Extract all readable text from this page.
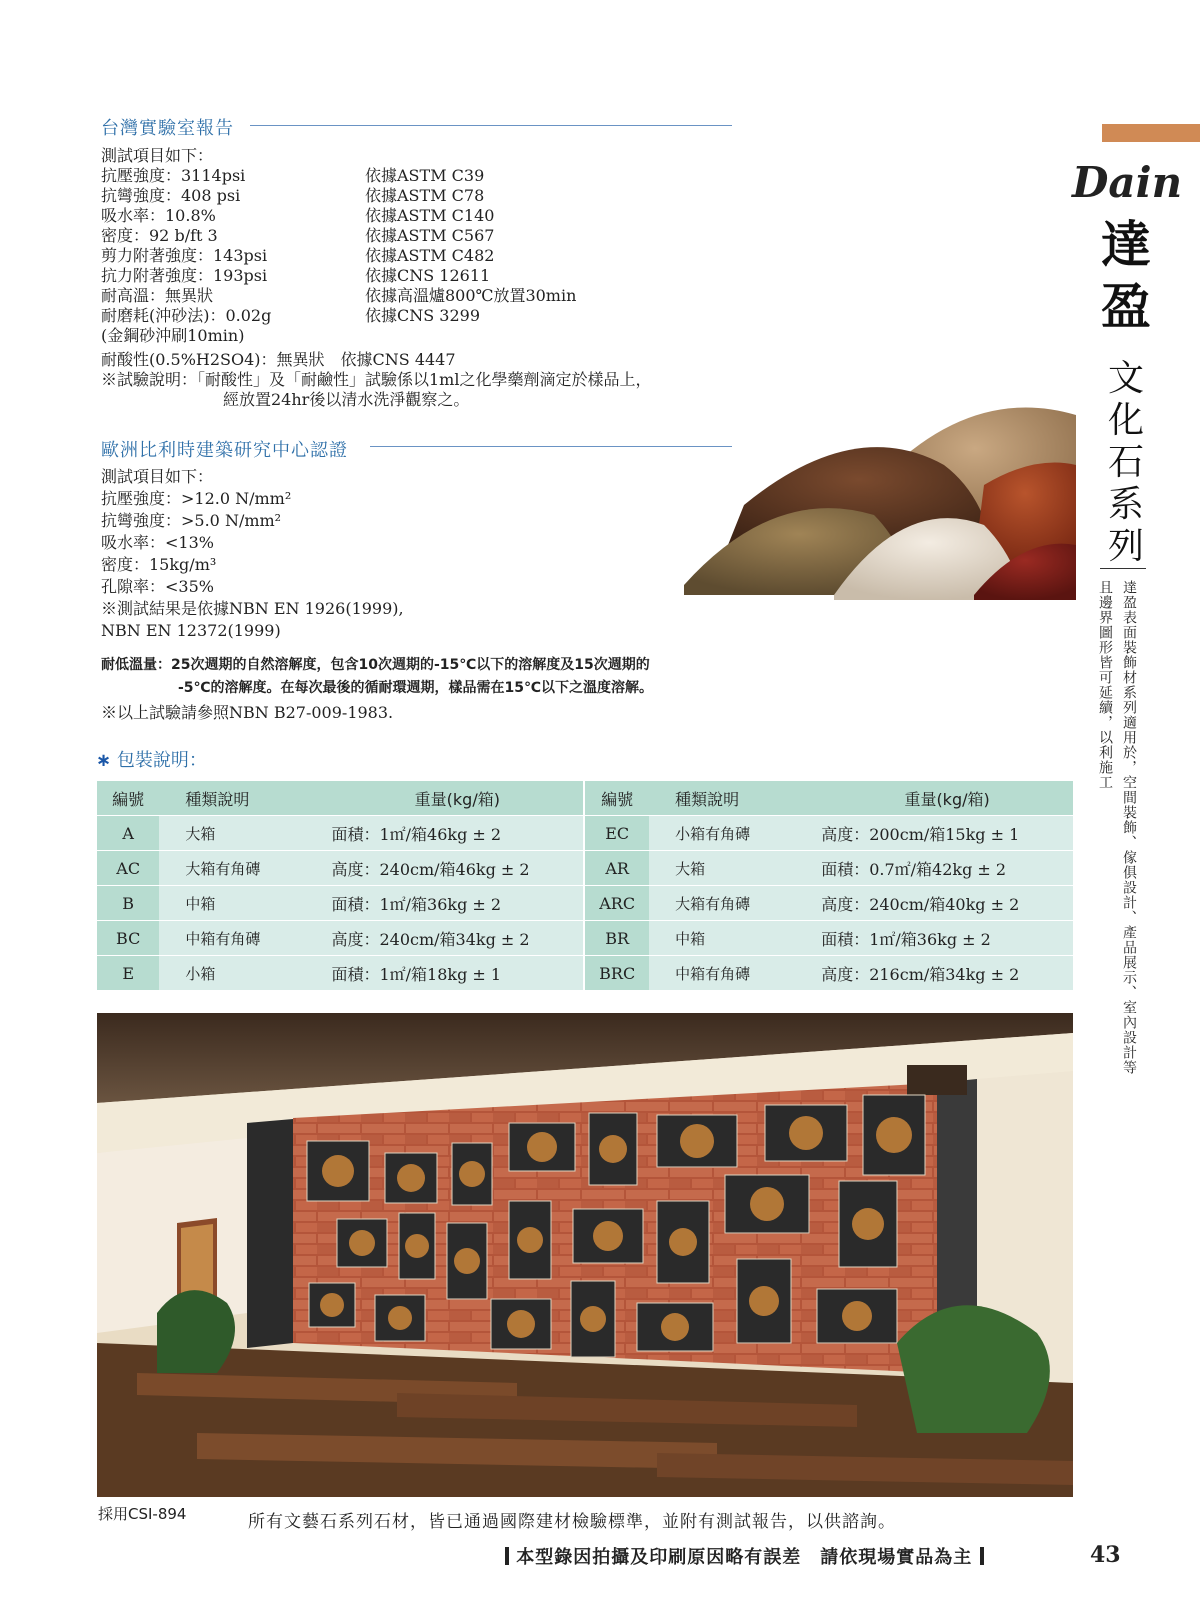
台灣實驗室報告
測試項目如下：
抗壓強度：3114psi	依據ASTM C39
抗彎強度：408 psi	依據ASTM C78
吸水率：10.8%	依據ASTM C140
密度：92 b/ft 3	依據ASTM C567
剪力附著強度：143psi	依據ASTM C482
抗力附著強度：193psi	依據CNS 12611
耐高溫：無異狀	依據高溫爐800℃放置30min
耐磨耗(沖砂法)：0.02g	依據CNS 3299
(金鋼砂沖刷10min)
耐酸性(0.5%H2SO4)：無異狀　依據CNS 4447
※試驗說明：「耐酸性」及「耐鹼性」試驗係以1ml之化學藥劑滴定於樣品上，
經放置24hr後以清水洗淨觀察之。
歐洲比利時建築研究中心認證
測試項目如下：
抗壓強度：>12.0 N/mm²
抗彎強度：>5.0 N/mm²
吸水率：<13%
密度：15kg/m³
孔隙率：<35%
※測試結果是依據NBN EN 1926(1999),
NBN EN 12372(1999)
耐低溫量：25次週期的自然溶解度，包含10次週期的-15℃以下的溶解度及15次週期的
-5℃的溶解度。在每次最後的循耐環週期，樣品需在15℃以下之溫度溶解。
※以上試驗請參照NBN B27-009-1983.
∗ 包裝說明：
編號	種類說明	重量(kg/箱)	編號	種類說明	重量(kg/箱)
A	大箱	面積：1㎡/箱46kg ± 2	EC	小箱有角磚	高度：200cm/箱15kg ± 1
AC	大箱有角磚	高度：240cm/箱46kg ± 2	AR	大箱	面積：0.7㎡/箱42kg ± 2
B	中箱	面積：1㎡/箱36kg ± 2	ARC	大箱有角磚	高度：240cm/箱40kg ± 2
BC	中箱有角磚	高度：240cm/箱34kg ± 2	BR	中箱	面積：1㎡/箱36kg ± 2
E	小箱	面積：1㎡/箱18kg ± 1	BRC	中箱有角磚	高度：216cm/箱34kg ± 2
Dain
達
盈
文
化
石
系
列
達盈表面裝飾材系列適用於，空間裝飾、傢俱設計、產品展示、室內設計等
且邊界圖形皆可延續，以利施工
採用CSI-894	所有文藝石系列石材，皆已通過國際建材檢驗標準，並附有測試報告，以供諮詢。
本型錄因拍攝及印刷原因略有誤差　請依現場實品為主	43
